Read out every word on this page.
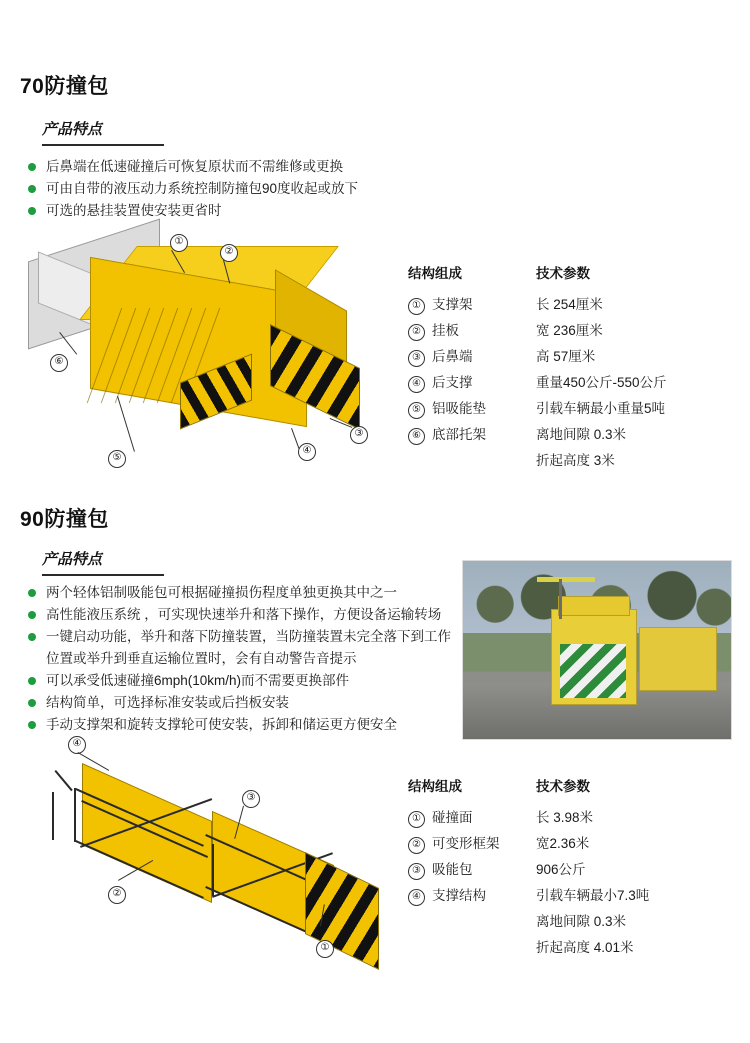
70防撞包
产品特点
后鼻端在低速碰撞后可恢复原状而不需维修或更换
可由自带的液压动力系统控制防撞包90度收起或放下
可选的悬挂装置使安装更省时
①
②
③
④
⑤
⑥
结构组成	技术参数
① 支撑架
② 挂板
③ 后鼻端
④ 后支撑
⑤ 铝吸能垫
⑥ 底部托架
长 254厘米
宽 236厘米
高 57厘米
重量450公斤-550公斤
引载车辆最小重量5吨
离地间隙 0.3米
折起高度 3米
90防撞包
产品特点
两个轻体铝制吸能包可根据碰撞损伤程度单独更换其中之一
高性能液压系统 ，可实现快速举升和落下操作，方便设备运输转场
一键启动功能，举升和落下防撞装置，当防撞装置未完全落下到工作
位置或举升到垂直运输位置时，会有自动警告音提示
可以承受低速碰撞6mph(10km/h)而不需要更换部件
结构简单，可选择标准安装或后挡板安装
手动支撑架和旋转支撑轮可使安装，拆卸和储运更方便安全
④
③
②
①
结构组成	技术参数
① 碰撞面
② 可变形框架
③ 吸能包
④ 支撑结构
长 3.98米
宽2.36米
906公斤
引载车辆最小7.3吨
离地间隙 0.3米
折起高度 4.01米
